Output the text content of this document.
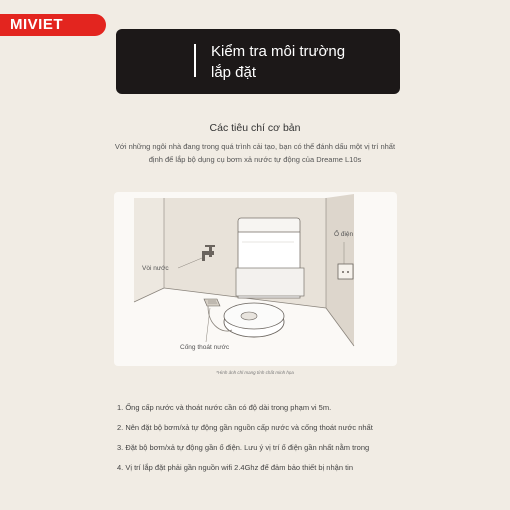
MIVIET
Kiểm tra môi trường
lắp đặt
Các tiêu chí cơ bản
Với những ngôi nhà đang trong quá trình cải tạo, bạn có thể đánh dấu một vị trí nhất định để lắp bộ dụng cụ bơm xả nước tự động của Dreame L10s
Vòi nước
Ổ điện
Cống thoát nước
*Hình ảnh chỉ mang tính chất minh họa
1. Ống cấp nước và thoát nước cần có độ dài trong phạm vi 5m.
2. Nên đặt bộ bơm/xả tự động gần nguồn cấp nước và cống thoát nước nhất
3. Đặt bộ bơm/xả tự động gần ổ điện. Lưu ý vị trí ổ điện gần nhất nằm trong
4. Vị trí lắp đặt phải gần nguồn wifi 2.4Ghz để đảm bảo thiết bị nhận tin
